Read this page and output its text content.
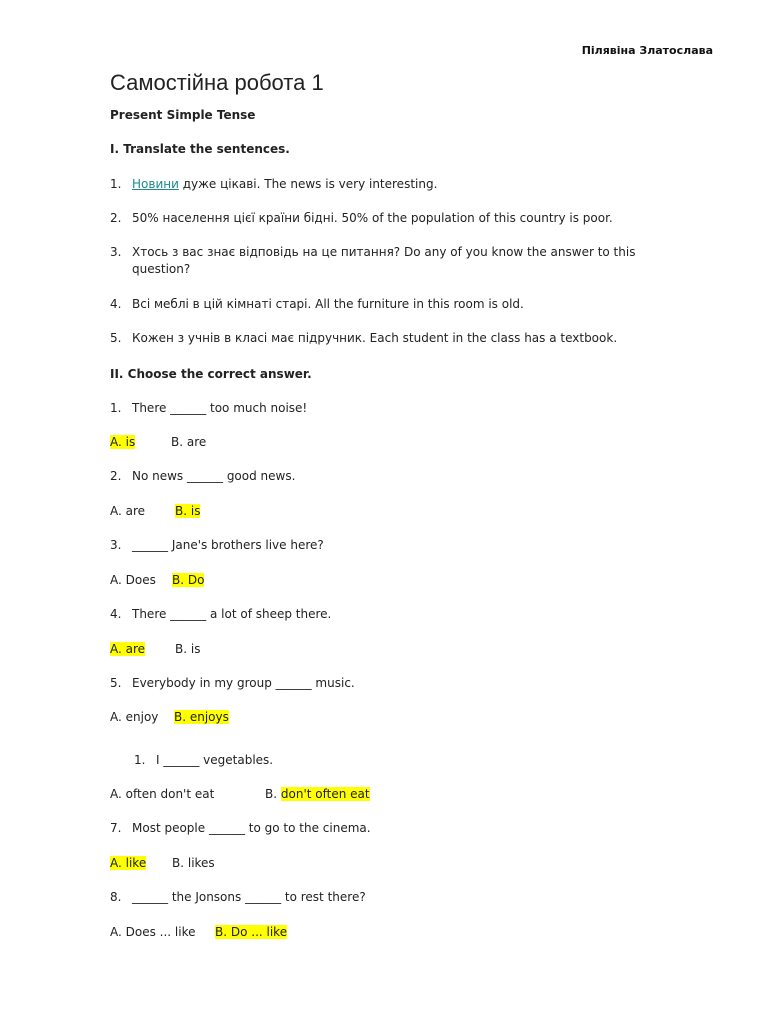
Пілявіна Златослава
Самостійна робота 1
Present Simple Tense
I. Translate the sentences.
1. Новини дуже цікаві. The news is very interesting.
2. 50% населення цієї країни бідні. 50% of the population of this country is poor.
3. Хтось з вас знає відповідь на це питання? Do any of you know the answer to this question?
4. Всі меблі в цій кімнаті старі. All the furniture in this room is old.
5. Кожен з учнів в класі має підручник. Each student in the class has a textbook.
II. Choose the correct answer.
1. There ______ too much noise!
A. is	B. are
2. No news ______ good news.
A. are B. is
3. ______ Jane's brothers live here?
A. Does B. Do
4. There ______ a lot of sheep there.
A. are B. is
5. Everybody in my group ______ music.
A. enjoy B. enjoys
1. I ______ vegetables.
A. often don't eat	B. don't often eat
7. Most people ______ to go to the cinema.
A. like B. likes
8. ______ the Jonsons ______ to rest there?
A. Does ... like B. Do ... like
